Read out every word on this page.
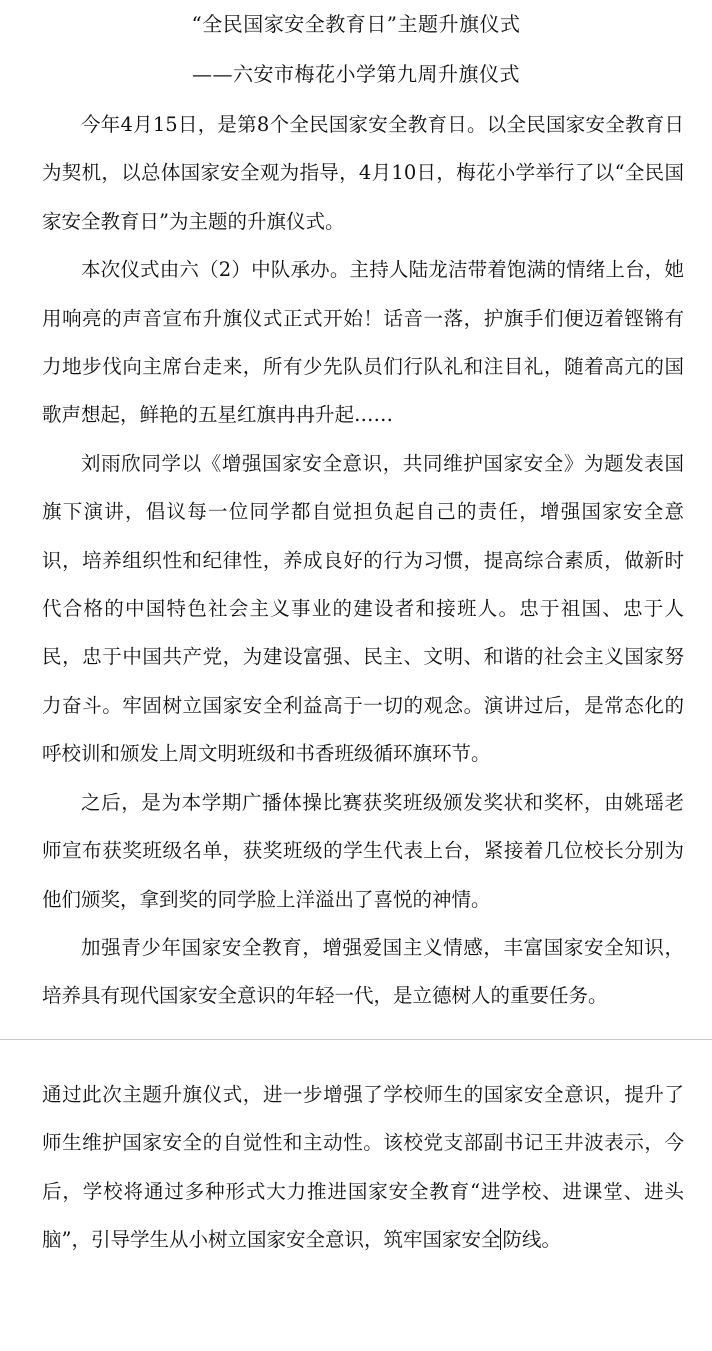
“全民国家安全教育日”主题升旗仪式
——六安市梅花小学第九周升旗仪式

今年4月15日，是第8个全民国家安全教育日。以全民国家安全教育日为契机，以总体国家安全观为指导，4月10日，梅花小学举行了以“全民国家安全教育日”为主题的升旗仪式。

本次仪式由六（2）中队承办。主持人陆龙洁带着饱满的情绪上台，她用响亮的声音宣布升旗仪式正式开始！话音一落，护旗手们便迈着铿锵有力地步伐向主席台走来，所有少先队员们行队礼和注目礼，随着高亢的国歌声想起，鲜艳的五星红旗冉冉升起……

刘雨欣同学以《增强国家安全意识，共同维护国家安全》为题发表国旗下演讲，倡议每一位同学都自觉担负起自己的责任，增强国家安全意识，培养组织性和纪律性，养成良好的行为习惯，提高综合素质，做新时代合格的中国特色社会主义事业的建设者和接班人。忠于祖国、忠于人民，忠于中国共产党，为建设富强、民主、文明、和谐的社会主义国家努力奋斗。牢固树立国家安全利益高于一切的观念。演讲过后，是常态化的呼校训和颁发上周文明班级和书香班级循环旗环节。

之后，是为本学期广播体操比赛获奖班级颁发奖状和奖杯，由姚瑶老师宣布获奖班级名单，获奖班级的学生代表上台，紧接着几位校长分别为他们颁奖，拿到奖的同学脸上洋溢出了喜悦的神情。

加强青少年国家安全教育，增强爱国主义情感，丰富国家安全知识，培养具有现代国家安全意识的年轻一代，是立德树人的重要任务。

通过此次主题升旗仪式，进一步增强了学校师生的国家安全意识，提升了师生维护国家安全的自觉性和主动性。该校党支部副书记王井波表示，今后，学校将通过多种形式大力推进国家安全教育“进学校、进课堂、进头脑”，引导学生从小树立国家安全意识，筑牢国家安全 防线。
